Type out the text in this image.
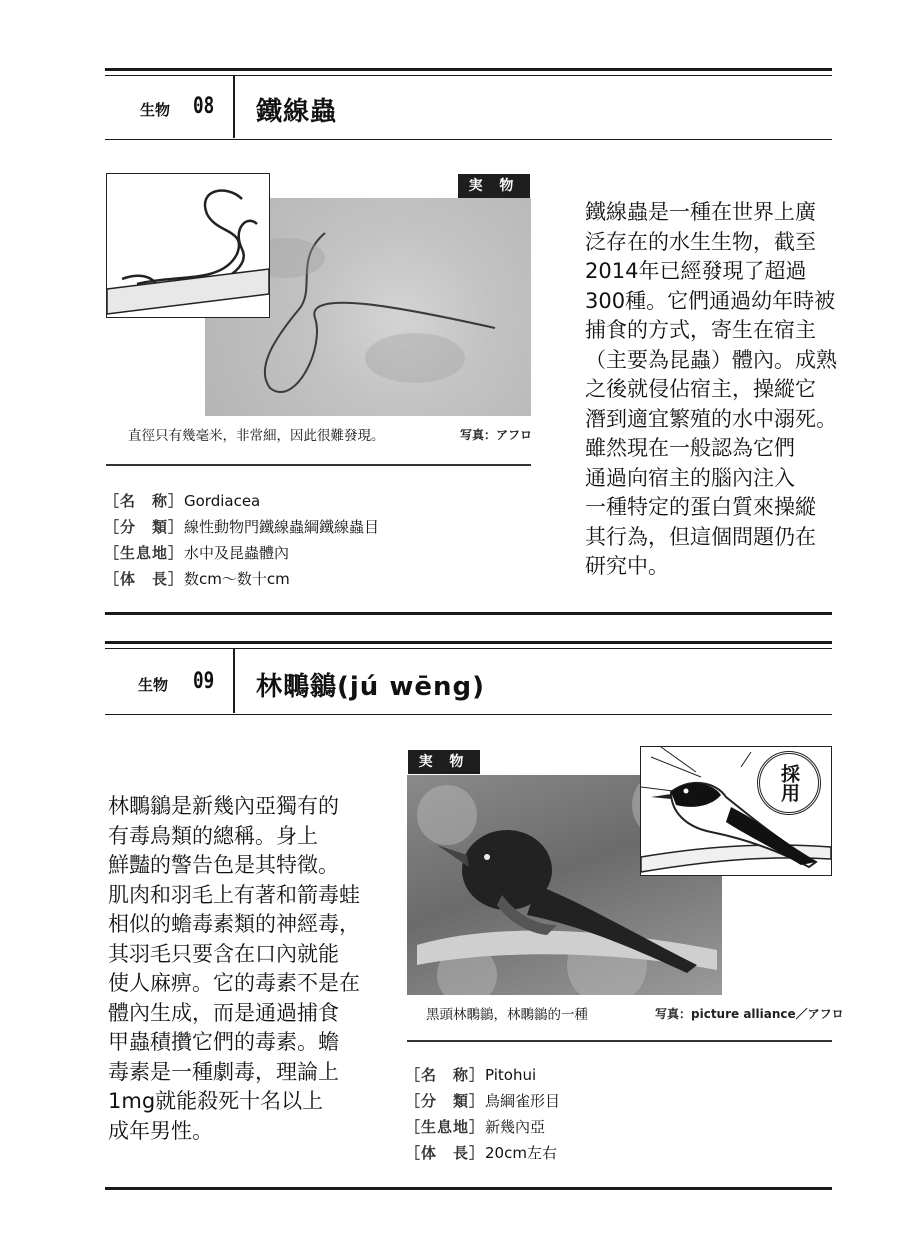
生物 08 鐵線蟲
実 物
直徑只有幾毫米，非常細，因此很難發現。	写真：アフロ
［名　称］ Gordiacea
［分　類］ 線性動物門鐵線蟲綱鐵線蟲目
［生息地］ 水中及昆蟲體內
［体　長］ 数cm〜数十cm
鐵線蟲是一種在世界上廣
泛存在的水生生物，截至
2014年已經發現了超過
300種。它們通過幼年時被
捕食的方式，寄生在宿主
（主要為昆蟲）體內。成熟
之後就侵佔宿主，操縱它
潛到適宜繁殖的水中溺死。
雖然現在一般認為它們
通過向宿主的腦內注入
一種特定的蛋白質來操縱
其行為，但這個問題仍在
研究中。
生物 09 林䳭鶲(jú wēng)
林䳭鶲是新幾內亞獨有的
有毒鳥類的總稱。身上
鮮豔的警告色是其特徵。
肌肉和羽毛上有著和箭毒蛙
相似的蟾毒素類的神經毒，
其羽毛只要含在口內就能
使人麻痹。它的毒素不是在
體內生成，而是通過捕食
甲蟲積攢它們的毒素。蟾
毒素是一種劇毒，理論上
1mg就能殺死十名以上
成年男性。
実 物
採用
黑頭林䳭鶲，林䳭鶲的一種	写真：picture alliance／アフロ
［名　称］ Pitohui
［分　類］ 鳥綱雀形目
［生息地］ 新幾內亞
［体　長］ 20cm左右
